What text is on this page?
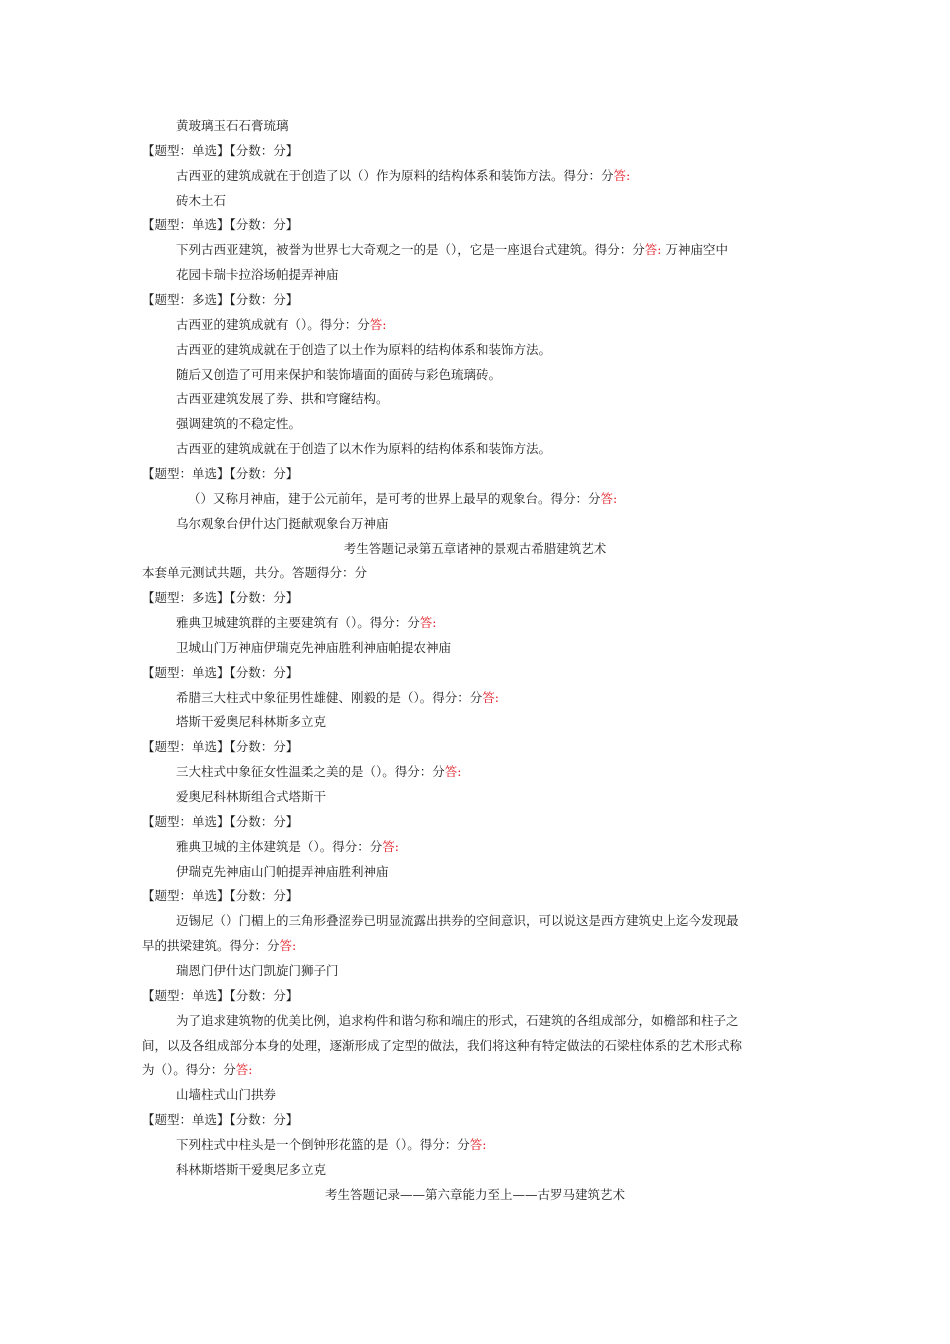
黄玻璃玉石石膏琉璃
【题型：单选】【分数：分】
古西亚的建筑成就在于创造了以（）作为原料的结构体系和装饰方法。得分：分答:
砖木土石
【题型：单选】【分数：分】
下列古西亚建筑，被誉为世界七大奇观之一的是（），它是一座退台式建筑。得分：分答: 万神庙空中
花园卡瑞卡拉浴场帕提弄神庙
【题型：多选】【分数：分】
古西亚的建筑成就有（）。得分：分答:
古西亚的建筑成就在于创造了以土作为原料的结构体系和装饰方法。
随后又创造了可用来保护和装饰墙面的面砖与彩色琉璃砖。
古西亚建筑发展了券、拱和穹窿结构。
强调建筑的不稳定性。
古西亚的建筑成就在于创造了以木作为原料的结构体系和装饰方法。
【题型：单选】【分数：分】
（）又称月神庙，建于公元前年，是可考的世界上最早的观象台。得分：分答:
乌尔观象台伊什达门挺献观象台万神庙
考生答题记录第五章诸神的景观古希腊建筑艺术
本套单元测试共题，共分。答题得分：分
【题型：多选】【分数：分】
雅典卫城建筑群的主要建筑有（）。得分：分答:
卫城山门万神庙伊瑞克先神庙胜利神庙帕提农神庙
【题型：单选】【分数：分】
希腊三大柱式中象征男性雄健、刚毅的是（）。得分：分答:
塔斯干爱奥尼科林斯多立克
【题型：单选】【分数：分】
三大柱式中象征女性温柔之美的是（）。得分：分答:
爱奥尼科林斯组合式塔斯干
【题型：单选】【分数：分】
雅典卫城的主体建筑是（）。得分：分答:
伊瑞克先神庙山门帕提弄神庙胜利神庙
【题型：单选】【分数：分】
迈锡尼（）门楣上的三角形叠涩券已明显流露出拱券的空间意识，可以说这是西方建筑史上迄今发现最
早的拱梁建筑。得分：分答:
瑞恩门伊什达门凯旋门狮子门
【题型：单选】【分数：分】
为了追求建筑物的优美比例，追求构件和谐匀称和端庄的形式，石建筑的各组成部分，如檐部和柱子之
间，以及各组成部分本身的处理，逐渐形成了定型的做法，我们将这种有特定做法的石梁柱体系的艺术形式称
为（）。得分：分答:
山墙柱式山门拱券
【题型：单选】【分数：分】
下列柱式中柱头是一个倒钟形花篮的是（）。得分：分答:
科林斯塔斯干爱奥尼多立克
考生答题记录——第六章能力至上——古罗马建筑艺术
